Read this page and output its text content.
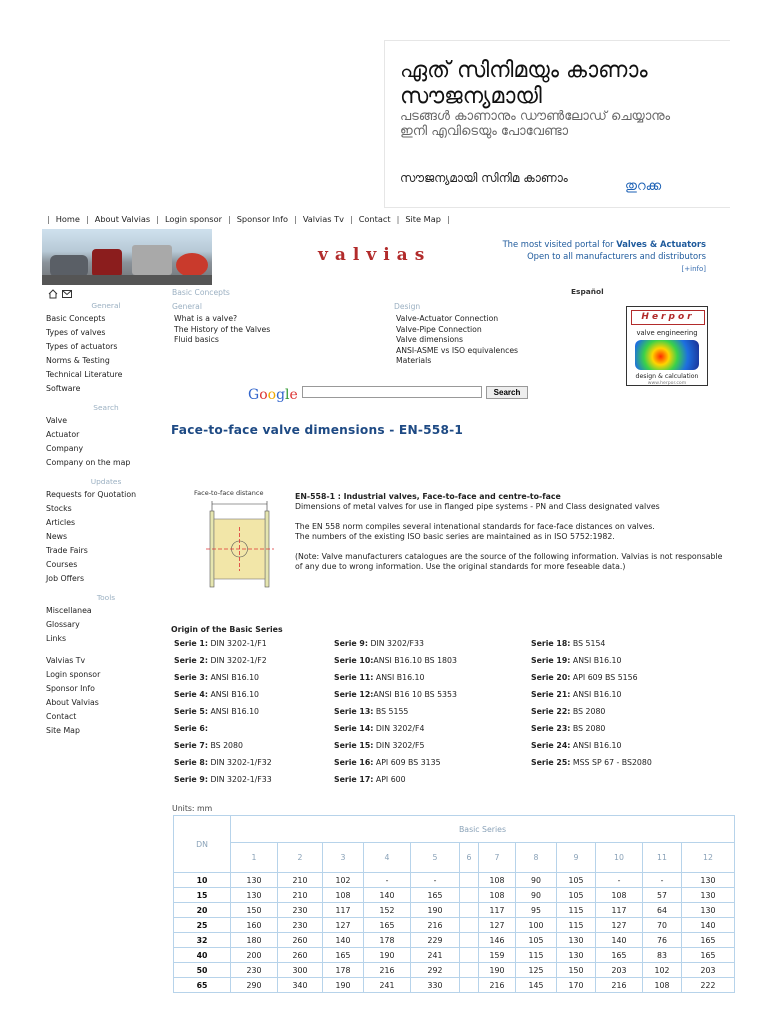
ഏത് സിനിമയും കാണാം സൗജന്യമായി
പടങ്ങൾ കാണാനും ഡൗൺലോഡ് ചെയ്യാനും ഇനി എവിടെയും പോവേണ്ടാ
സൗജന്യമായി സിനിമ കാണാം
തുറക്ക
| Home | About Valvias | Login sponsor | Sponsor Info | Valvias Tv | Contact | Site Map |
valvias
The most visited portal for Valves & Actuators
Open to all manufacturers and distributors
[+info]
General
Basic Concepts
Types of valves
Types of actuators
Norms & Testing
Technical Literature
Software
Search
Valve
Actuator
Company
Company on the map
Updates
Requests for Quotation
Stocks
Articles
News
Trade Fairs
Courses
Job Offers
Tools
Miscellanea
Glossary
Links
Valvias Tv
Login sponsor
Sponsor Info
About Valvias
Contact
Site Map
Basic Concepts	Español
General
What is a valve?
The History of the Valves
Fluid basics
Design
Valve-Actuator Connection
Valve-Pipe Connection
Valve dimensions
ANSI-ASME vs ISO equivalences
Materials
Herpor
valve engineering
design & calculation
www.herpor.com
Google	Search
Face-to-face valve dimensions - EN-558-1
Face-to-face distance	EN-558-1 : Industrial valves, Face-to-face and centre-to-face

Dimensions of metal valves for use in flanged pipe systems - PN and Class designated valves

The EN 558 norm compiles several intenational standards for face-face distances on valves.

The numbers of the existing ISO basic series are maintained as in ISO 5752:1982.

(Note: Valve manufacturers catalogues are the source of the following information. Valvias is not responsable of any due to wrong information. Use the original standards for more feseable data.)

Origin of the Basic Series
Serie 1: DIN 3202-1/F1
Serie 2: DIN 3202-1/F2
Serie 3: ANSI B16.10
Serie 4: ANSI B16.10
Serie 5: ANSI B16.10
Serie 6:
Serie 7: BS 2080
Serie 8: DIN 3202-1/F32
Serie 9: DIN 3202-1/F33
Serie 9: DIN 3202/F33
Serie 10:ANSI B16.10 BS 1803
Serie 11: ANSI B16.10
Serie 12:ANSI B16 10 BS 5353
Serie 13: BS 5155
Serie 14: DIN 3202/F4
Serie 15: DIN 3202/F5
Serie 16: API 609 BS 3135
Serie 17: API 600
Serie 18: BS 5154
Serie 19: ANSI B16.10
Serie 20: API 609 BS 5156
Serie 21: ANSI B16.10
Serie 22: BS 2080
Serie 23: BS 2080
Serie 24: ANSI B16.10
Serie 25: MSS SP 67 - BS2080
Units: mm
DN	Basic Series											
	1	2	3	4	5	6	7	8	9	10	11	12
10	130	210	102	-	-		108	90	105	-	-	130
15	130	210	108	140	165		108	90	105	108	57	130
20	150	230	117	152	190		117	95	115	117	64	130
25	160	230	127	165	216		127	100	115	127	70	140
32	180	260	140	178	229		146	105	130	140	76	165
40	200	260	165	190	241		159	115	130	165	83	165
50	230	300	178	216	292		190	125	150	203	102	203
65	290	340	190	241	330		216	145	170	216	108	222
